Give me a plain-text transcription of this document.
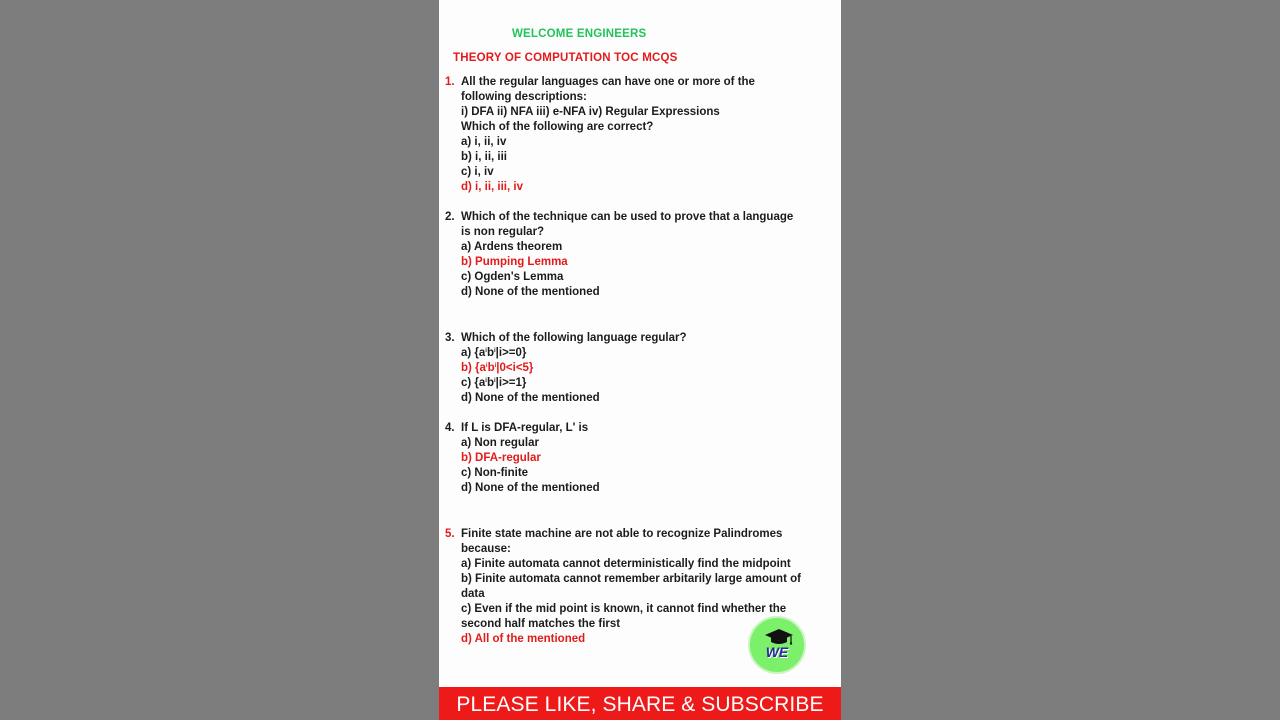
WELCOME ENGINEERS
THEORY OF COMPUTATION TOC MCQS
1. All the regular languages can have one or more of the
following descriptions:
i) DFA ii) NFA iii) e-NFA iv) Regular Expressions
Which of the following are correct?
a) i, ii, iv
b) i, ii, iii
c) i, iv
d) i, ii, iii, iv
2. Which of the technique can be used to prove that a language
is non regular?
a) Ardens theorem
b) Pumping Lemma
c) Ogden's Lemma
d) None of the mentioned
3. Which of the following language regular?
a) $\{a^ib^i|i>=0\}$
b) $\{a^ib^i|0<i<5\}$
c) $\{a^ib^i|i>=1\}$
d) None of the mentioned
4. If L is DFA-regular, L' is
a) Non regular
b) DFA-regular
c) Non-finite
d) None of the mentioned
5. Finite state machine are not able to recognize Palindromes
because:
a) Finite automata cannot deterministically find the midpoint
b) Finite automata cannot remember arbitarily large amount of
data
c) Even if the mid point is known, it cannot find whether the
second half matches the first
d) All of the mentioned
WE
PLEASE LIKE, SHARE & SUBSCRIBE
